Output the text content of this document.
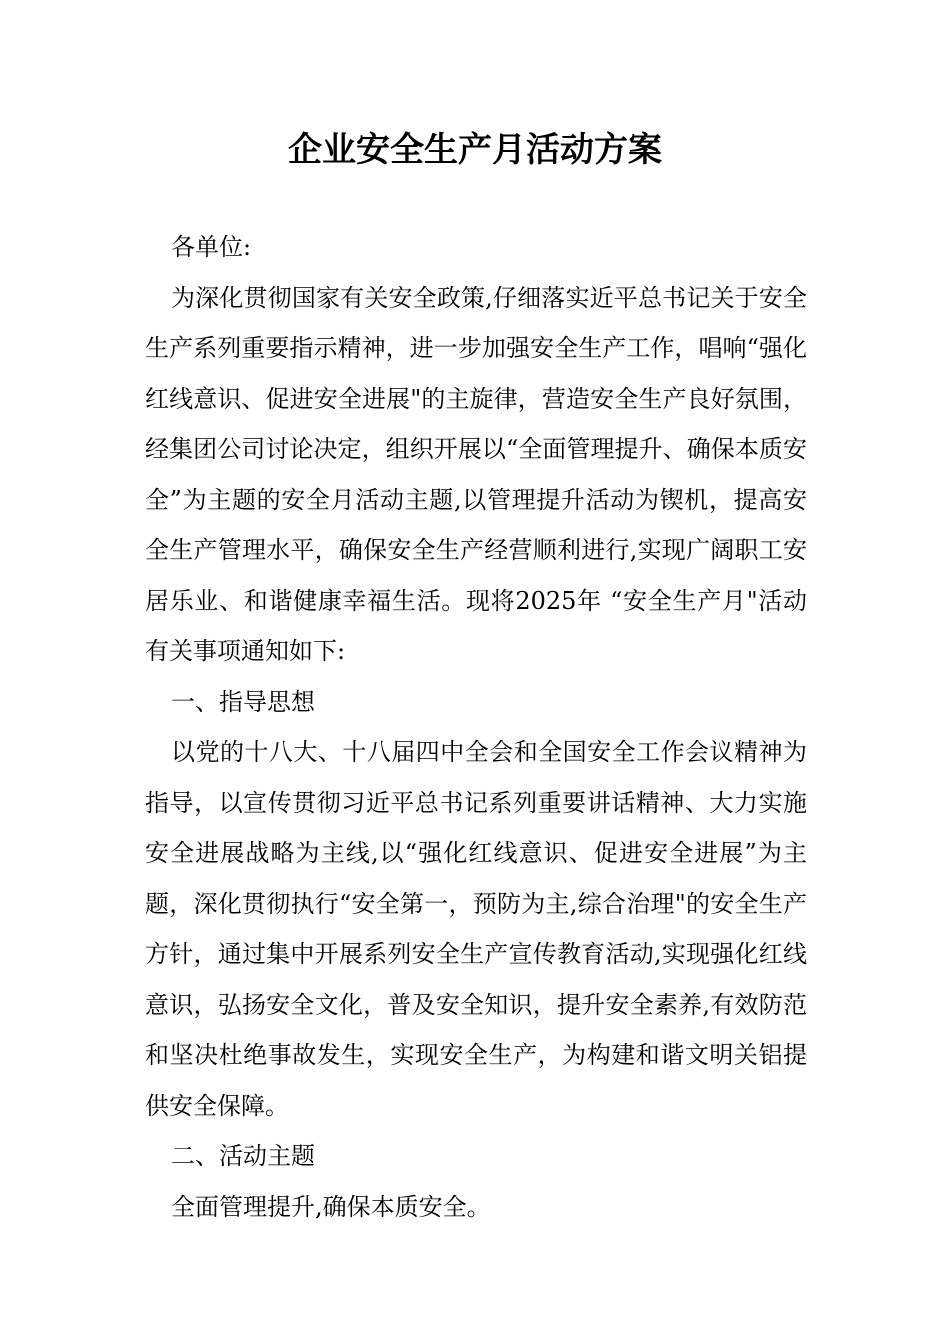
企业安全生产月活动方案

各单位:

为深化贯彻国家有关安全政策,仔细落实近平总书记关于安全生产系列重要指示精神，进一步加强安全生产工作，唱响“强化红线意识、促进安全进展"的主旋律，营造安全生产良好氛围，经集团公司讨论决定，组织开展以“全面管理提升、确保本质安全”为主题的安全月活动主题,以管理提升活动为锲机，提高安全生产管理水平，确保安全生产经营顺利进行,实现广阔职工安居乐业、和谐健康幸福生活。现将2025年 “安全生产月"活动有关事项通知如下:

一、指导思想

以党的十八大、十八届四中全会和全国安全工作会议精神为指导，以宣传贯彻习近平总书记系列重要讲话精神、大力实施安全进展战略为主线,以“强化红线意识、促进安全进展”为主题，深化贯彻执行“安全第一，预防为主,综合治理"的安全生产方针，通过集中开展系列安全生产宣传教育活动,实现强化红线意识，弘扬安全文化，普及安全知识，提升安全素养,有效防范和坚决杜绝事故发生，实现安全生产，为构建和谐文明关铝提供安全保障。

二、活动主题

全面管理提升,确保本质安全。
